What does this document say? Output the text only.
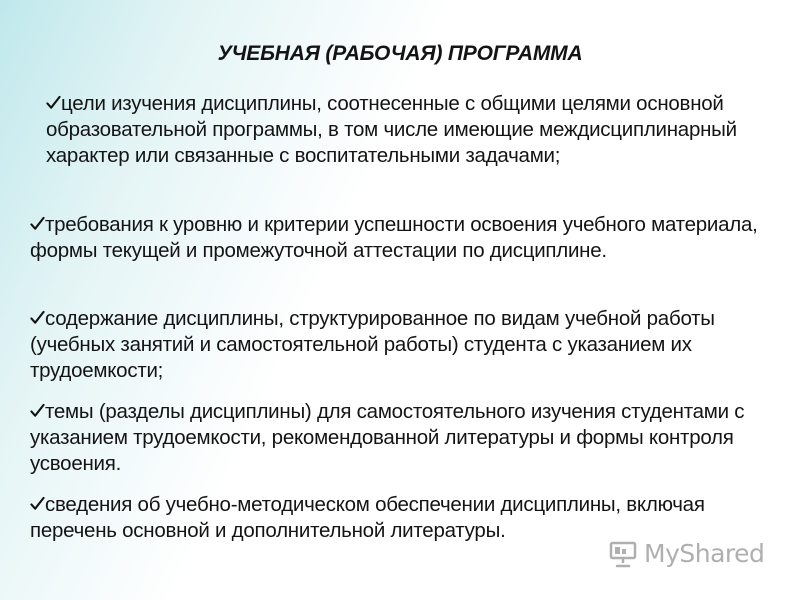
УЧЕБНАЯ (РАБОЧАЯ) ПРОГРАММА
цели изучения дисциплины, соотнесенные с общими целями основной образовательной программы, в том числе имеющие междисциплинарный характер или связанные с воспитательными задачами;
требования к уровню и критерии успешности освоения учебного материала, формы текущей и промежуточной аттестации по дисциплине.
содержание дисциплины, структурированное по видам учебной работы (учебных занятий и самостоятельной работы) студента с указанием их трудоемкости;
темы (разделы дисциплины) для самостоятельного изучения студентами с указанием трудоемкости, рекомендованной литературы и формы контроля усвоения.
сведения об учебно-методическом обеспечении дисциплины, включая перечень основной и дополнительной литературы.
MyShared
